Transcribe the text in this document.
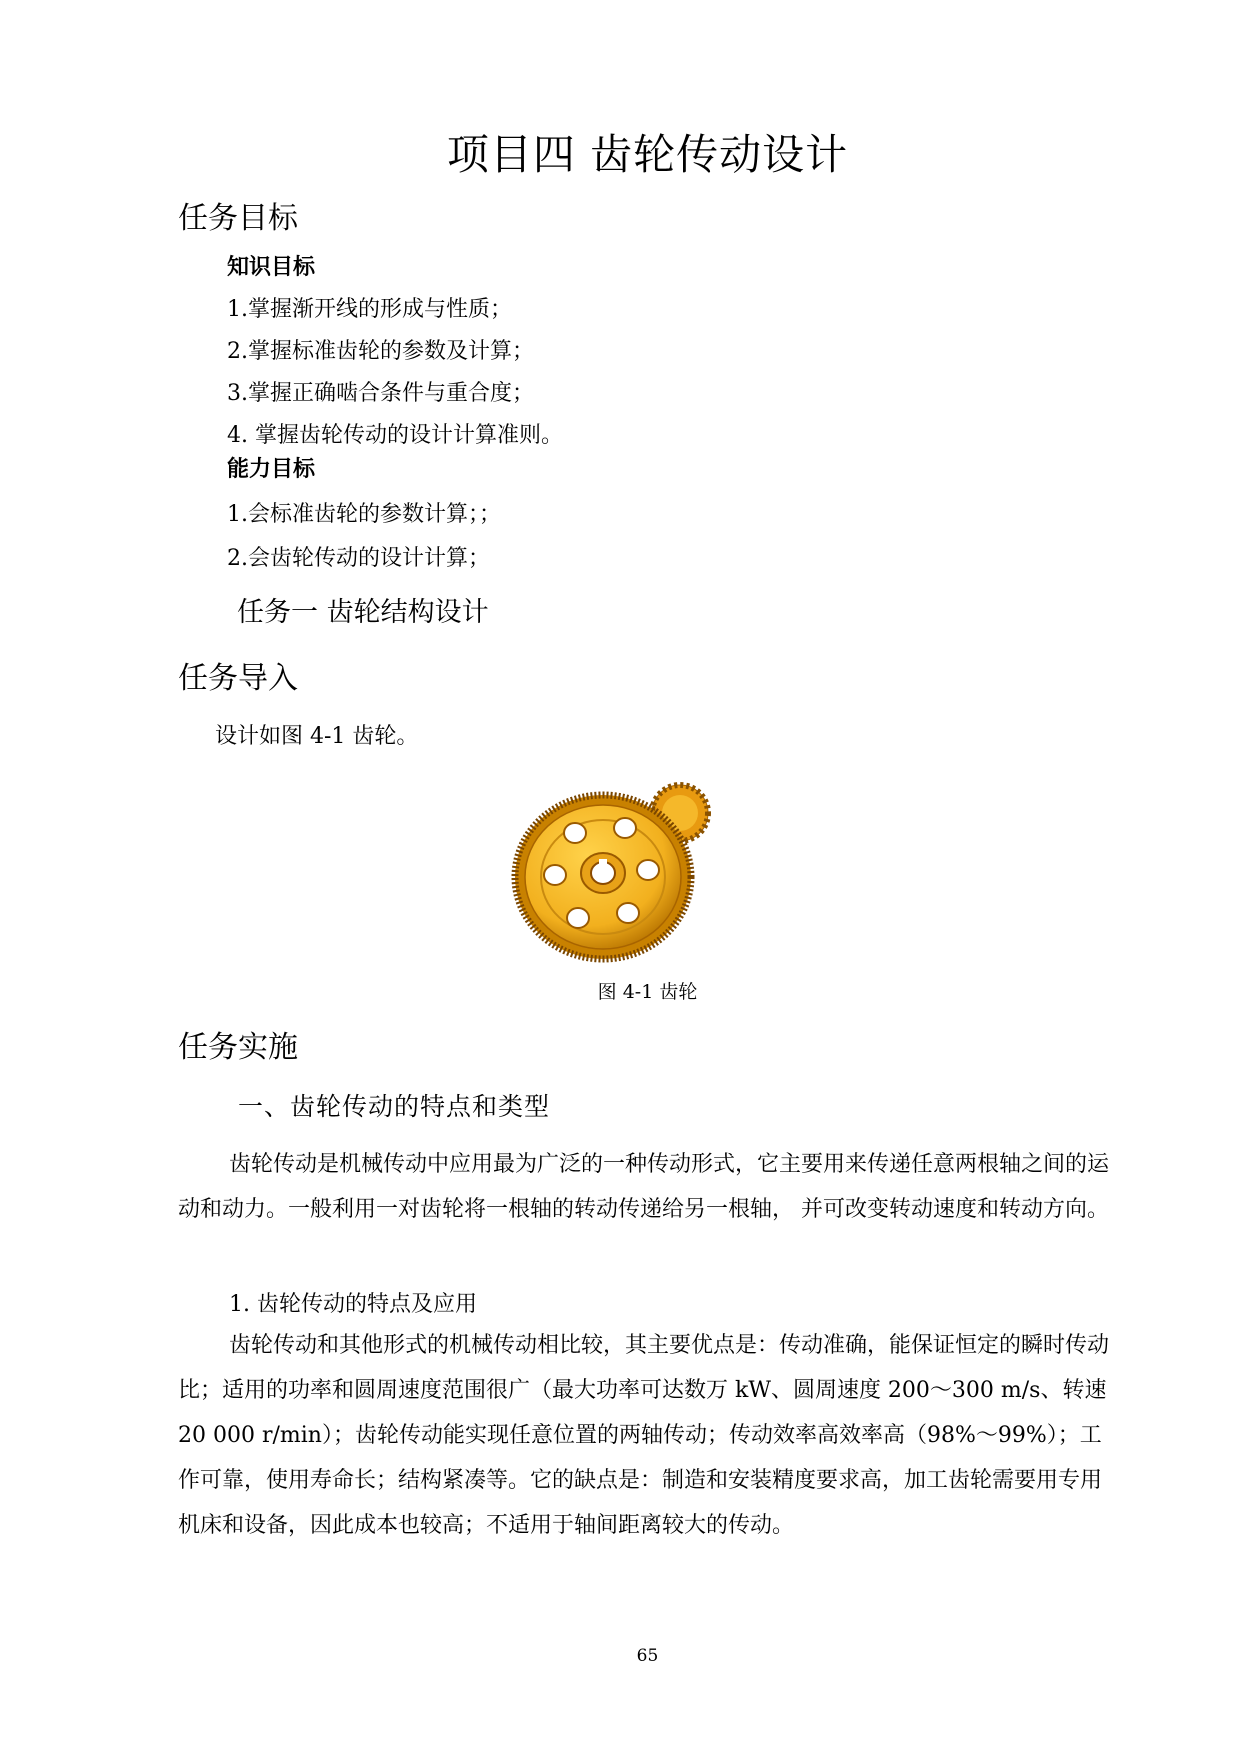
项目四 齿轮传动设计
任务目标
知识目标
1.掌握渐开线的形成与性质；
2.掌握标准齿轮的参数及计算；
3.掌握正确啮合条件与重合度；
4. 掌握齿轮传动的设计计算准则。
能力目标
1.会标准齿轮的参数计算；；
2.会齿轮传动的设计计算；
任务一 齿轮结构设计
任务导入
设计如图 4-1 齿轮。
图 4-1 齿轮
任务实施
一、齿轮传动的特点和类型
齿轮传动是机械传动中应用最为广泛的一种传动形式，它主要用来传递任意两根轴之间的运动和动力。一般利用一对齿轮将一根轴的转动传递给另一根轴， 并可改变转动速度和转动方向。
1. 齿轮传动的特点及应用
齿轮传动和其他形式的机械传动相比较，其主要优点是：传动准确，能保证恒定的瞬时传动比；适用的功率和圆周速度范围很广（最大功率可达数万 kW、圆周速度 200～300 m/s、转速 20 000 r/min）；齿轮传动能实现任意位置的两轴传动；传动效率高效率高（98%～99%）；工作可靠，使用寿命长；结构紧凑等。它的缺点是：制造和安装精度要求高，加工齿轮需要用专用机床和设备，因此成本也较高；不适用于轴间距离较大的传动。
65
